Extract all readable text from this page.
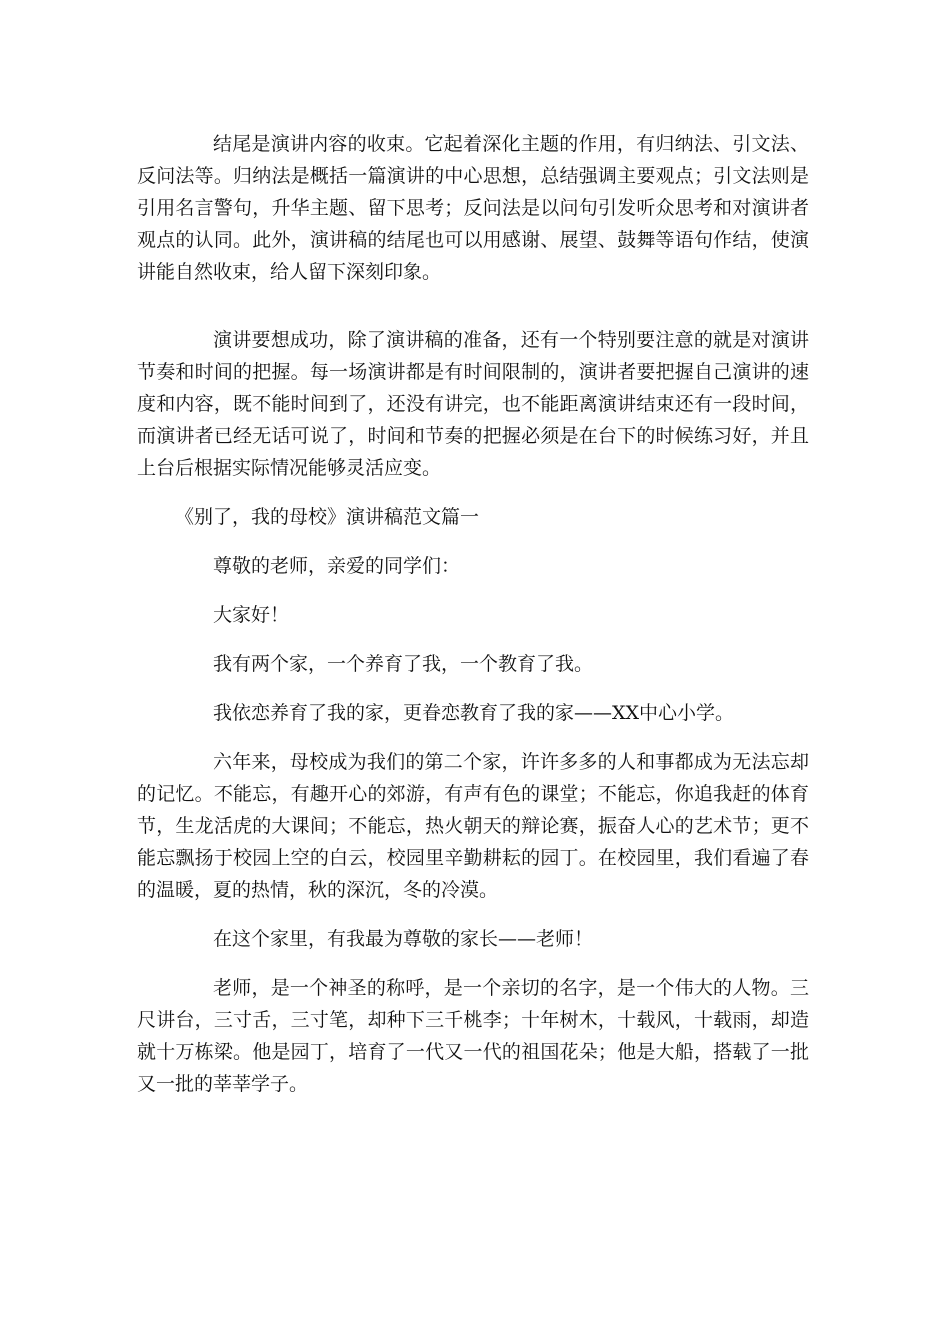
结尾是演讲内容的收束。它起着深化主题的作用，有归纳法、引文法、反问法等。归纳法是概括一篇演讲的中心思想，总结强调主要观点；引文法则是引用名言警句，升华主题、留下思考；反问法是以问句引发听众思考和对演讲者观点的认同。此外，演讲稿的结尾也可以用感谢、展望、鼓舞等语句作结，使演讲能自然收束，给人留下深刻印象。

演讲要想成功，除了演讲稿的准备，还有一个特别要注意的就是对演讲节奏和时间的把握。每一场演讲都是有时间限制的，演讲者要把握自己演讲的速度和内容，既不能时间到了，还没有讲完，也不能距离演讲结束还有一段时间，而演讲者已经无话可说了，时间和节奏的把握必须是在台下的时候练习好，并且上台后根据实际情况能够灵活应变。

《别了，我的母校》演讲稿范文篇一

尊敬的老师，亲爱的同学们：

大家好！

我有两个家，一个养育了我，一个教育了我。

我依恋养育了我的家，更眷恋教育了我的家——XX中心小学。

六年来，母校成为我们的第二个家，许许多多的人和事都成为无法忘却的记忆。不能忘，有趣开心的郊游，有声有色的课堂；不能忘，你追我赶的体育节，生龙活虎的大课间；不能忘，热火朝天的辩论赛，振奋人心的艺术节；更不能忘飘扬于校园上空的白云，校园里辛勤耕耘的园丁。在校园里，我们看遍了春的温暖，夏的热情，秋的深沉，冬的冷漠。

在这个家里，有我最为尊敬的家长——老师！

老师，是一个神圣的称呼，是一个亲切的名字，是一个伟大的人物。三尺讲台，三寸舌，三寸笔，却种下三千桃李；十年树木，十载风，十载雨，却造就十万栋梁。他是园丁，培育了一代又一代的祖国花朵；他是大船，搭载了一批又一批的莘莘学子。
